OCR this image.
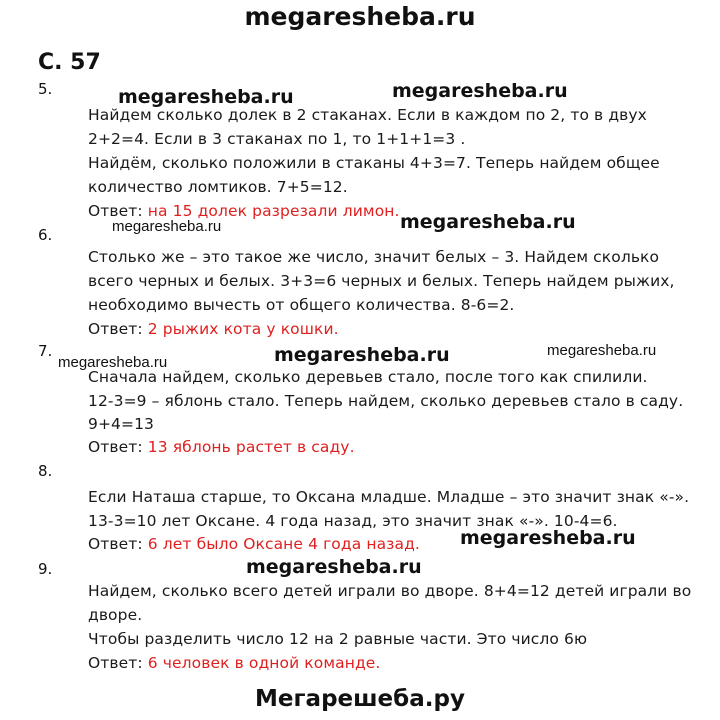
megaresheba.ru
С. 57
megaresheba.ru	megaresheba.ru
megaresheba.ru	megaresheba.ru
megaresheba.ru	megaresheba.ru	megaresheba.ru
megaresheba.ru
megaresheba.ru
5.
Найдем сколько долек в 2 стаканах. Если в каждом по 2, то в двух
2+2=4. Если в 3 стаканах по 1, то 1+1+1=3 .
Найдём, сколько положили в стаканы 4+3=7. Теперь найдем общее
количество ломтиков. 7+5=12.
Ответ: на 15 долек разрезали лимон.
6.
Столько же – это такое же число, значит белых – 3. Найдем сколько
всего черных и белых. 3+3=6 черных и белых. Теперь найдем рыжих,
необходимо вычесть от общего количества. 8-6=2.
Ответ: 2 рыжих кота у кошки.
7.
Сначала найдем, сколько деревьев стало, после того как спилили.
12-3=9 – яблонь стало. Теперь найдем, сколько деревьев стало в саду.
9+4=13
Ответ: 13 яблонь растет в саду.
8.
Если Наташа старше, то Оксана младше. Младше – это значит знак «-».
13-3=10 лет Оксане. 4 года назад, это значит знак «-». 10-4=6.
Ответ: 6 лет было Оксане 4 года назад.
9.
Найдем, сколько всего детей играли во дворе. 8+4=12 детей играли во
дворе.
Чтобы разделить число 12 на 2 равные части. Это число 6ю
Ответ: 6 человек в одной команде.
Мегарешеба.ру
